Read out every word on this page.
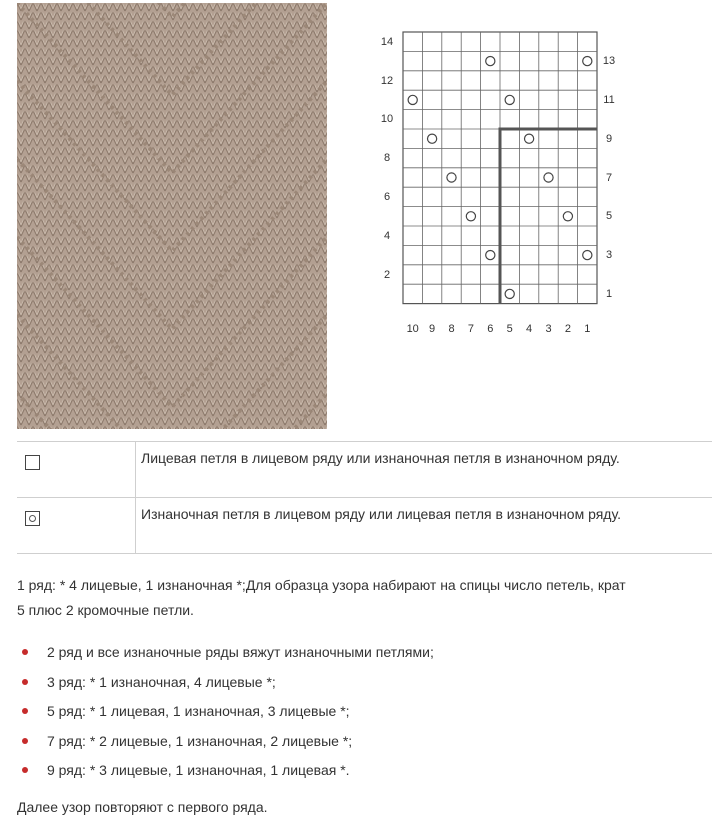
10 9	8	7	6	5	4	3	2	1
14
12
10
8
6
4
2
13
11
9
7
5
3
1
	Лицевая петля в лицевом ряду или изнаночная петля в изнаночном ряду.

	Изнаночная петля в лицевом ряду или лицевая петля в изнаночном ряду.
1 ряд: * 4 лицевые, 1 изнаночная *;Для образца узора набирают на спицы число петель, крат
5 плюс 2 кромочные петли.
2 ряд и все изнаночные ряды вяжут изнаночными петлями;
3 ряд: * 1 изнаночная, 4 лицевые *;
5 ряд: * 1 лицевая, 1 изнаночная, 3 лицевые *;
7 ряд: * 2 лицевые, 1 изнаночная, 2 лицевые *;
9 ряд: * 3 лицевые, 1 изнаночная, 1 лицевая *.
Далее узор повторяют с первого ряда.
